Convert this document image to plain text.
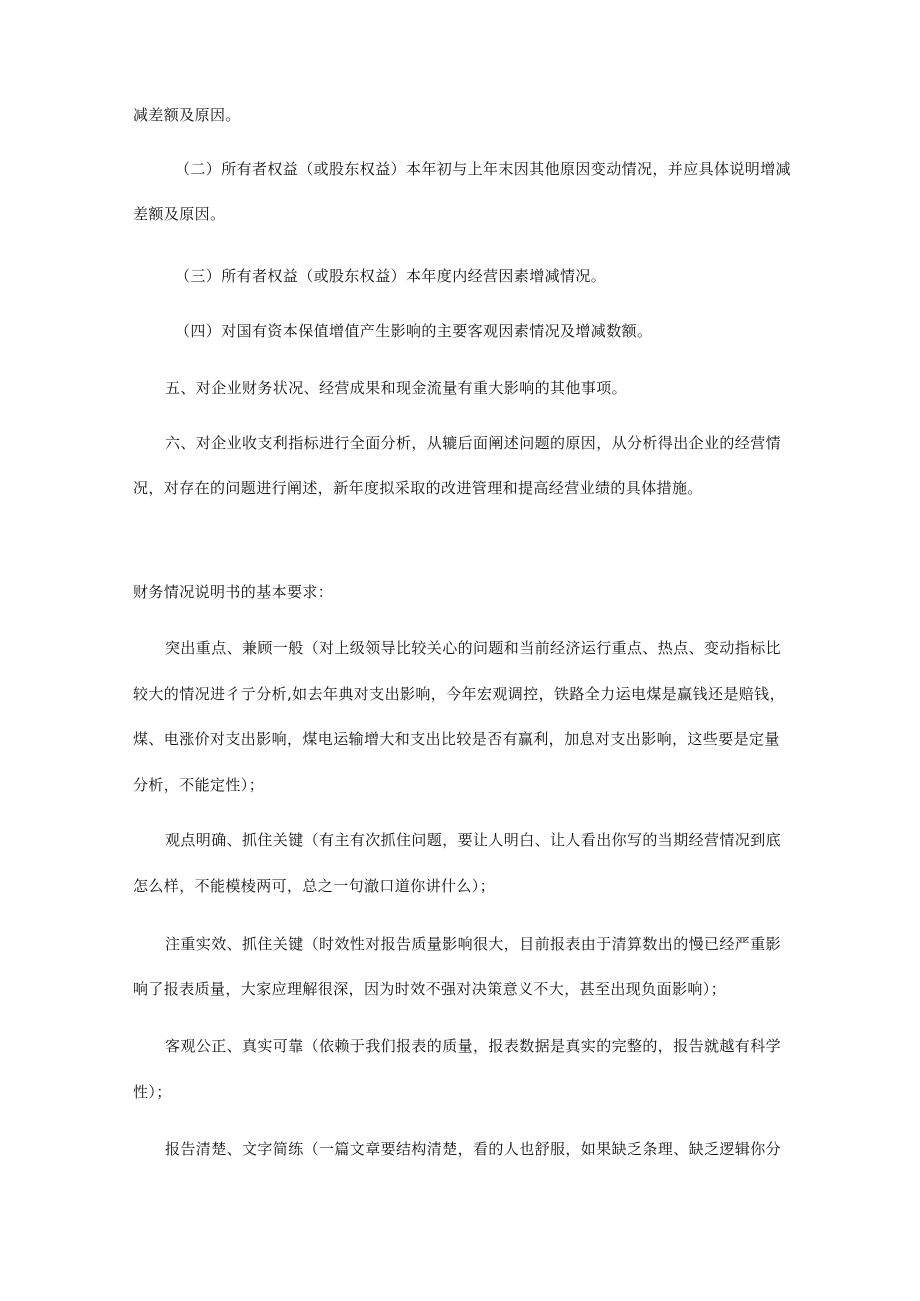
减差额及原因。
（二）所有者权益（或股东权益）本年初与上年末因其他原因变动情况，并应具体说明增减
差额及原因。
（三）所有者权益（或股东权益）本年度内经营因素增减情况。
（四）对国有资本保值增值产生影响的主要客观因素情况及增减数额。
五、对企业财务状况、经营成果和现金流量有重大影响的其他事项。
六、对企业收支利指标进行全面分析，从辘后面阐述问题的原因，从分析得出企业的经营情
况，对存在的问题进行阐述，新年度拟采取的改进管理和提高经营业绩的具体措施。
财务情况说明书的基本要求：
突出重点、兼顾一般（对上级领导比较关心的问题和当前经济运行重点、热点、变动指标比
较大的情况进彳亍分析,如去年典对支出影响，今年宏观调控，铁路全力运电煤是赢钱还是赔钱，
煤、电涨价对支出影响，煤电运输增大和支出比较是否有赢利，加息对支出影响，这些要是定量
分析，不能定性）；
观点明确、抓住关键（有主有次抓住问题，要让人明白、让人看出你写的当期经营情况到底
怎么样，不能模棱两可，总之一句澈口道你讲什么）；
注重实效、抓住关键（时效性对报告质量影响很大，目前报表由于清算数出的慢已经严重影
响了报表质量，大家应理解很深，因为时效不强对决策意义不大，甚至出现负面影响）；
客观公正、真实可靠（依赖于我们报表的质量，报表数据是真实的完整的，报告就越有科学
性）；
报告清楚、文字简练（一篇文章要结构清楚，看的人也舒服，如果缺乏条理、缺乏逻辑你分
